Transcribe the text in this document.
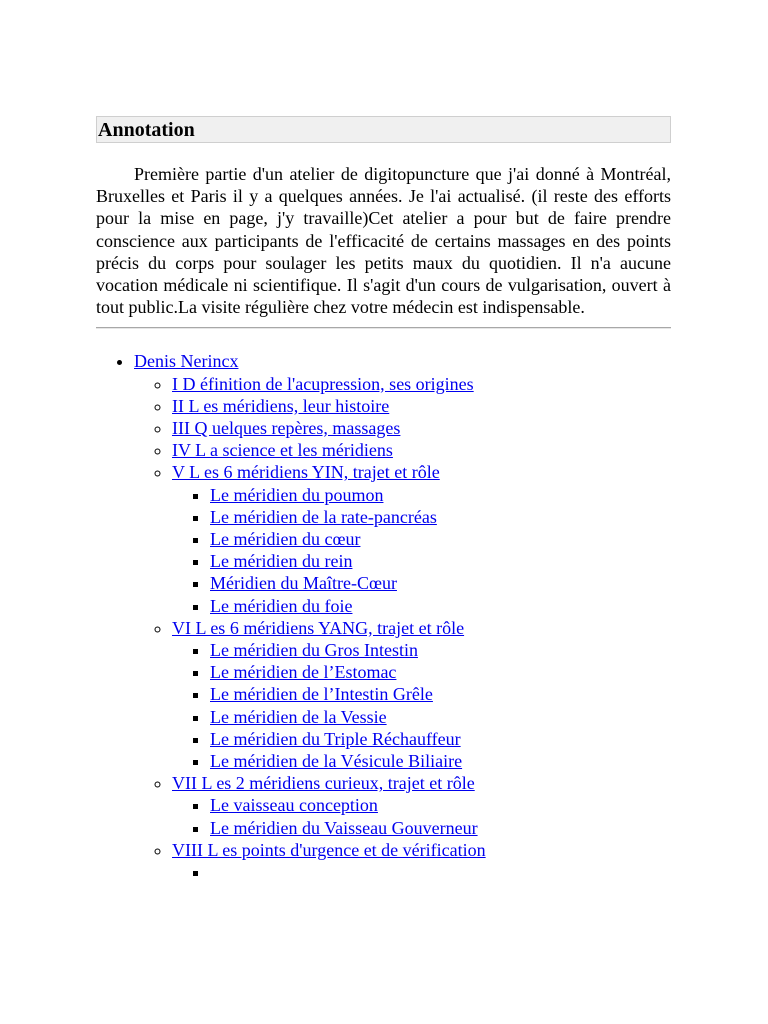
Annotation

Première partie d'un atelier de digitopuncture que j'ai donné à Montréal, Bruxelles et Paris il y a quelques années. Je l'ai actualisé. (il reste des efforts pour la mise en page, j'y travaille)Cet atelier a pour but de faire prendre conscience aux participants de l'efficacité de certains massages en des points précis du corps pour soulager les petits maux du quotidien. Il n'a aucune vocation médicale ni scientifique. Il s'agit d'un cours de vulgarisation, ouvert à tout public.La visite régulière chez votre médecin est indispensable.

• Denis Nerincx
◦ I D éfinition de l'acupression, ses origines
◦ II L es méridiens, leur histoire
◦ III Q uelques repères, massages
◦ IV L a science et les méridiens
◦ V L es 6 méridiens YIN, trajet et rôle
▪ Le méridien du poumon
▪ Le méridien de la rate-pancréas
▪ Le méridien du cœur
▪ Le méridien du rein
▪ Méridien du Maître-Cœur
▪ Le méridien du foie
◦ VI L es 6 méridiens YANG, trajet et rôle
▪ Le méridien du Gros Intestin
▪ Le méridien de l’Estomac
▪ Le méridien de l’Intestin Grêle
▪ Le méridien de la Vessie
▪ Le méridien du Triple Réchauffeur
▪ Le méridien de la Vésicule Biliaire
◦ VII L es 2 méridiens curieux, trajet et rôle
▪ Le vaisseau conception
▪ Le méridien du Vaisseau Gouverneur
◦ VIII L es points d'urgence et de vérification
▪
